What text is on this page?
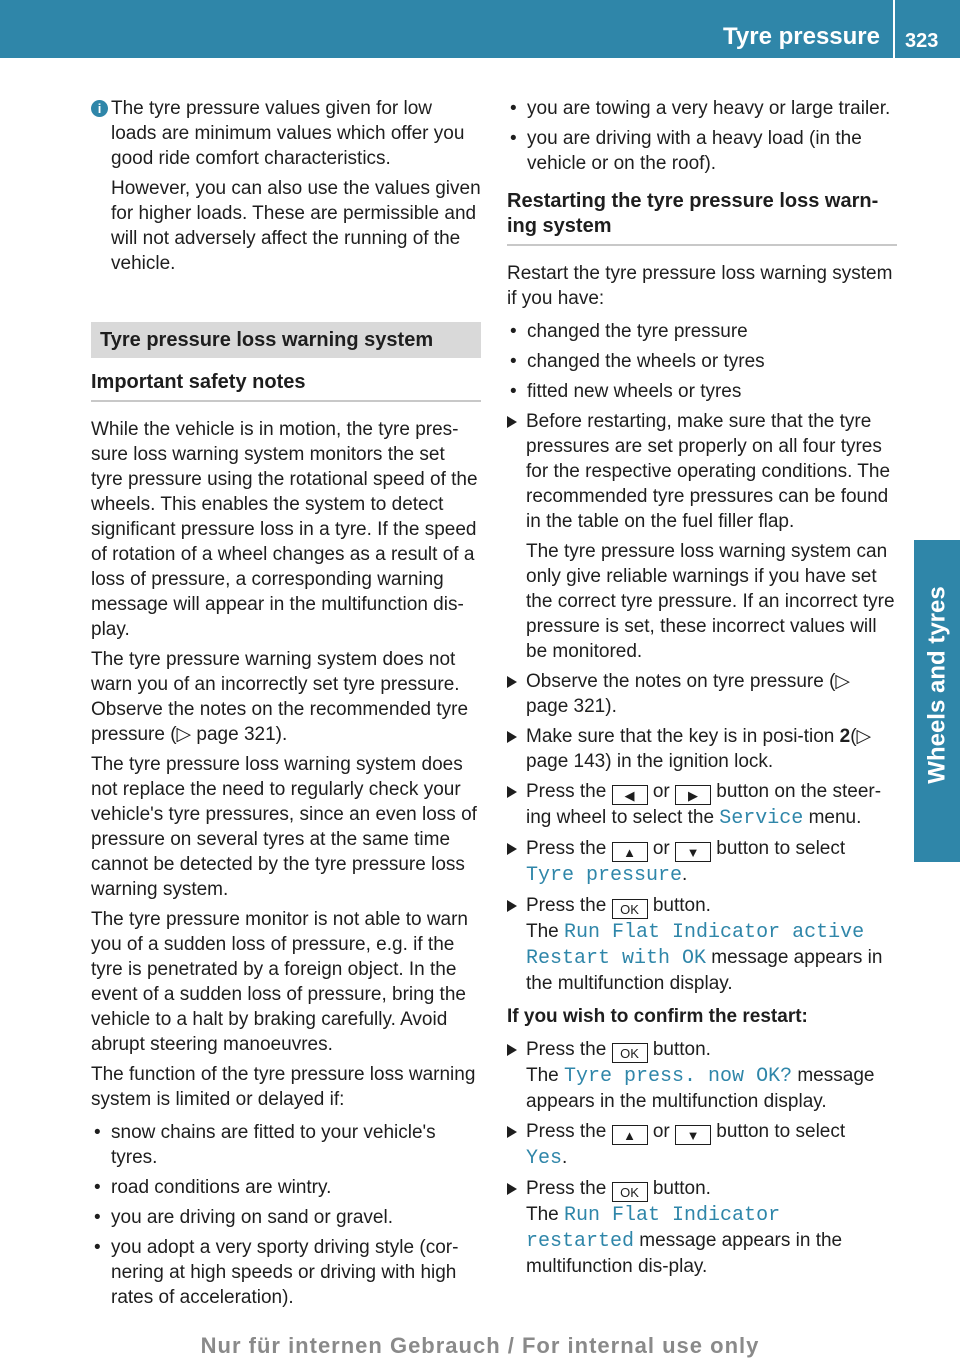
Tyre pressure 323
Wheels and tyres
i The tyre pressure values given for low loads are minimum values which offer you good ride comfort characteristics.

However, you can also use the values given for higher loads. These are permissible and will not adversely affect the running of the vehicle.

Tyre pressure loss warning system
Important safety notes

While the vehicle is in motion, the tyre pres-sure loss warning system monitors the set tyre pressure using the rotational speed of the wheels. This enables the system to detect significant pressure loss in a tyre. If the speed of rotation of a wheel changes as a result of a loss of pressure, a corresponding warning message will appear in the multifunction dis-play.

The tyre pressure warning system does not warn you of an incorrectly set tyre pressure. Observe the notes on the recommended tyre pressure (▷ page 321).

The tyre pressure loss warning system does not replace the need to regularly check your vehicle's tyre pressures, since an even loss of pressure on several tyres at the same time cannot be detected by the tyre pressure loss warning system.

The tyre pressure monitor is not able to warn you of a sudden loss of pressure, e.g. if the tyre is penetrated by a foreign object. In the event of a sudden loss of pressure, bring the vehicle to a halt by braking carefully. Avoid abrupt steering manoeuvres.

The function of the tyre pressure loss warning system is limited or delayed if:

• snow chains are fitted to your vehicle's tyres.
• road conditions are wintry.
• you are driving on sand or gravel.
• you adopt a very sporty driving style (cor-nering at high speeds or driving with high rates of acceleration).
• you are towing a very heavy or large trailer.
• you are driving with a heavy load (in the vehicle or on the roof).
Restarting the tyre pressure loss warn-ing system

Restart the tyre pressure loss warning system if you have:

• changed the tyre pressure
• changed the wheels or tyres
• fitted new wheels or tyres

Before restarting, make sure that the tyre pressures are set properly on all four tyres for the respective operating conditions. The recommended tyre pressures can be found in the table on the fuel filler flap.

The tyre pressure loss warning system can only give reliable warnings if you have set the correct tyre pressure. If an incorrect tyre pressure is set, these incorrect values will be monitored.

Observe the notes on tyre pressure (▷ page 321).

Make sure that the key is in posi-tion 2(▷ page 143) in the ignition lock.

Press the ◀ or ▶ button on the steer-ing wheel to select the Service menu.

Press the ▲ or ▼ button to select Tyre pressure.

Press the OK button.
The Run Flat Indicator active
Restart with OK message appears in the multifunction display.

If you wish to confirm the restart:

Press the OK button.
The Tyre press. now OK? message appears in the multifunction display.

Press the ▲ or ▼ button to select
Yes.

Press the OK button.
The Run Flat Indicator restarted message appears in the multifunction dis-play.

Nur für internen Gebrauch / For internal use only
